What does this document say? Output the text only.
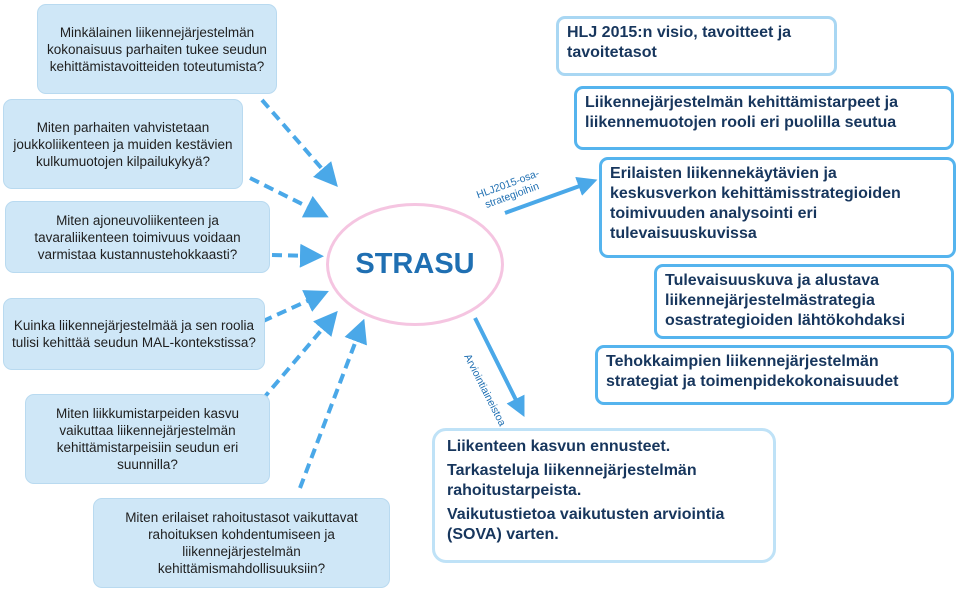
Minkälainen liikennejärjestelmän kokonaisuus parhaiten tukee seudun kehittämistavoitteiden toteutumista?
Miten parhaiten vahvistetaan joukkoliikenteen ja muiden kestävien kulkumuotojen kilpailukykyä?
Miten ajoneuvoliikenteen ja tavaraliikenteen toimivuus voidaan varmistaa kustannustehokkaasti?
Kuinka liikennejärjestelmää ja sen roolia tulisi kehittää seudun MAL-kontekstissa?
Miten liikkumistarpeiden kasvu vaikuttaa liikennejärjestelmän kehittämistarpeisiin seudun eri suunnilla?
Miten erilaiset rahoitustasot vaikuttavat rahoituksen kohdentumiseen ja liikennejärjestelmän kehittämismahdollisuuksiin?
STRASU
HLJ 2015:n visio, tavoitteet ja tavoitetasot
Liikennejärjestelmän kehittämistarpeet ja liikennemuotojen rooli eri puolilla seutua
Erilaisten liikennekäytävien ja keskusverkon kehittämisstrategioiden toimivuuden analysointi eri tulevaisuuskuvissa
Tulevaisuuskuva ja alustava liikennejärjestelmästrategia osastrategioiden lähtökohdaksi
Tehokkaimpien liikennejärjestelmän strategiat ja toimenpidekokonaisuudet
Liikenteen kasvun ennusteet.
Tarkasteluja liikennejärjestelmän rahoitustarpeista.
Vaikutustietoa vaikutusten arviointia (SOVA) varten.
HLJ2015-osa-strategioihin
Arviointiaineistoa
